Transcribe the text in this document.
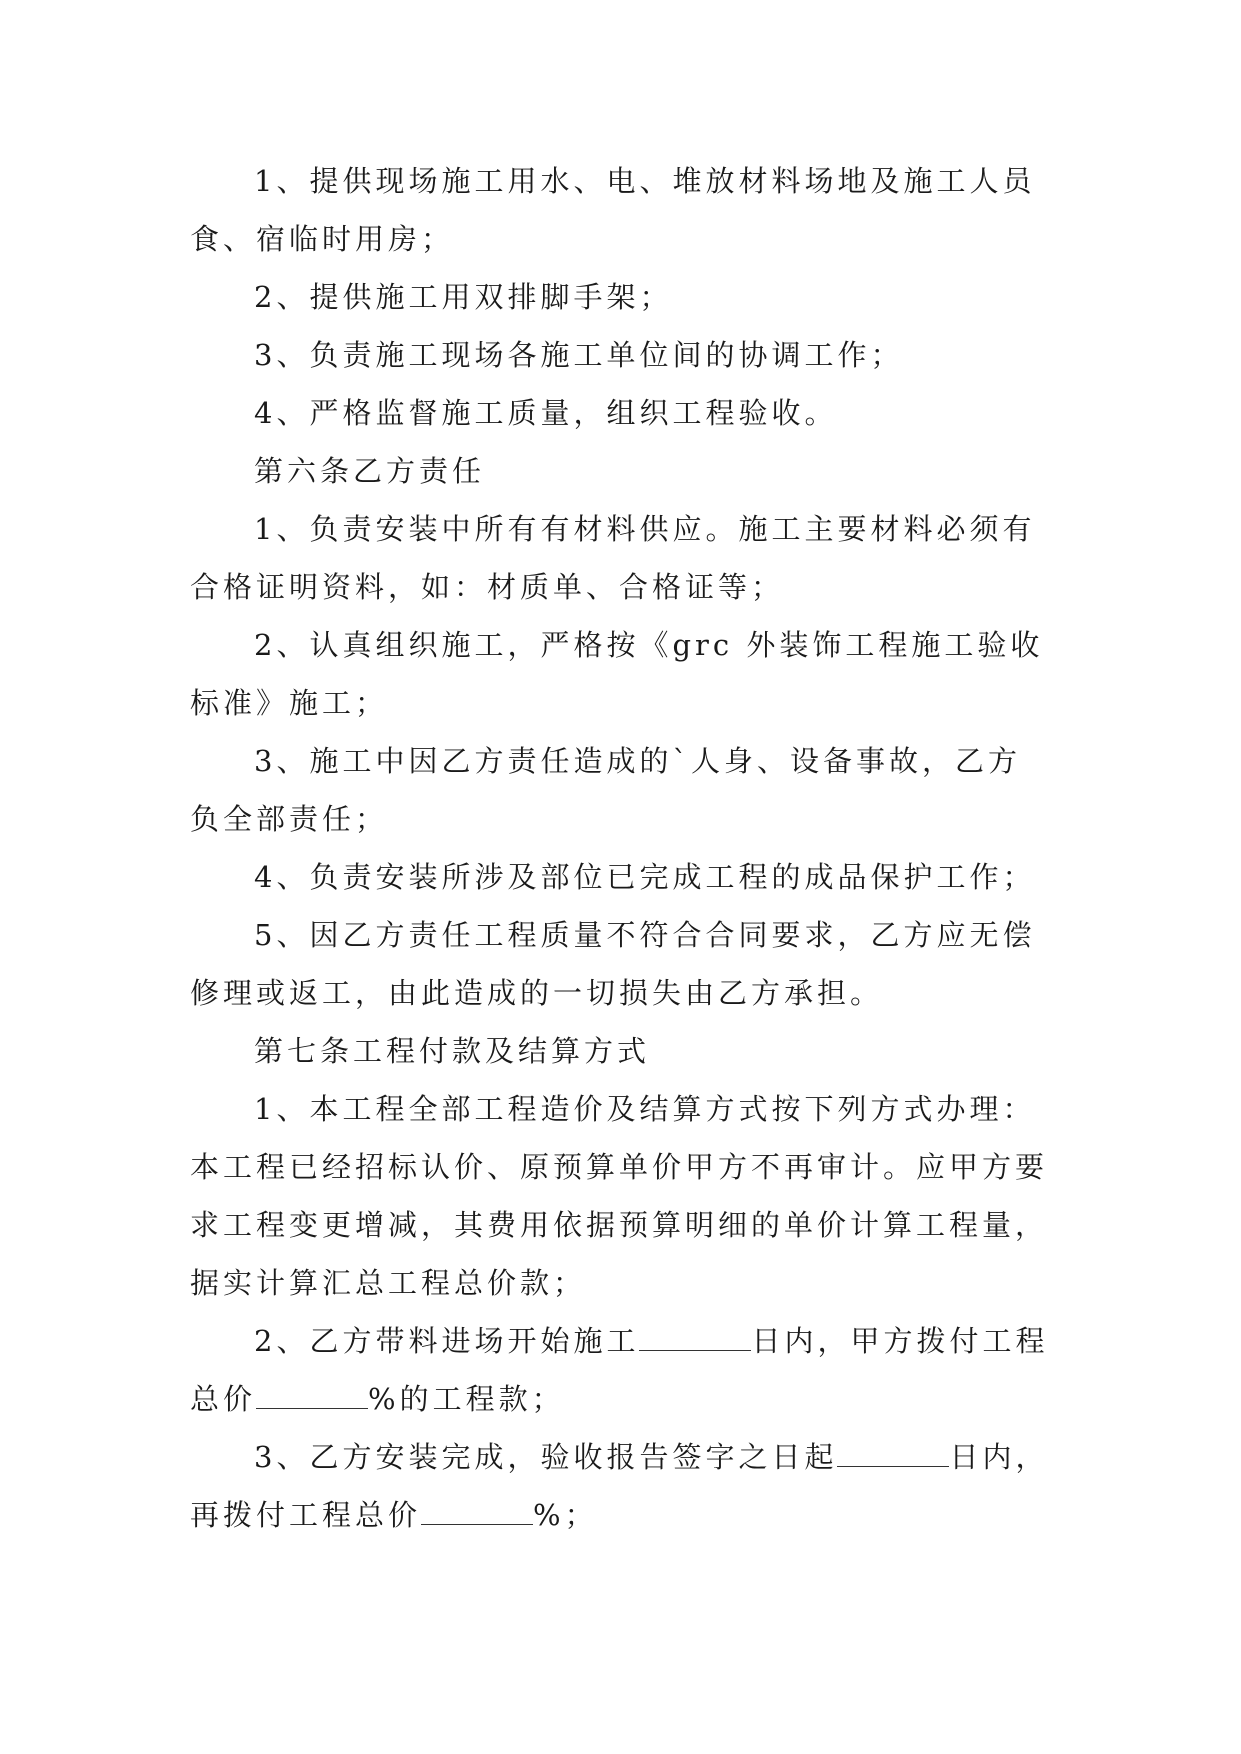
1、提供现场施工用水、电、堆放材料场地及施工人员食、宿临时用房；

2、提供施工用双排脚手架；

3、负责施工现场各施工单位间的协调工作；

4、严格监督施工质量，组织工程验收。

第六条乙方责任

1、负责安装中所有有材料供应。施工主要材料必须有合格证明资料，如：材质单、合格证等；

2、认真组织施工，严格按《grc 外装饰工程施工验收标准》施工；

3、施工中因乙方责任造成的`人身、设备事故，乙方负全部责任；

4、负责安装所涉及部位已完成工程的成品保护工作；

5、因乙方责任工程质量不符合合同要求，乙方应无偿修理或返工，由此造成的一切损失由乙方承担。

第七条工程付款及结算方式

1、本工程全部工程造价及结算方式按下列方式办理：本工程已经招标认价、原预算单价甲方不再审计。应甲方要求工程变更增减，其费用依据预算明细的单价计算工程量，据实计算汇总工程总价款；

2、乙方带料进场开始施工	日内，甲方拨付工程总价	%的工程款；

3、乙方安装完成，验收报告签字之日起	日内，再拨付工程总价	%；
